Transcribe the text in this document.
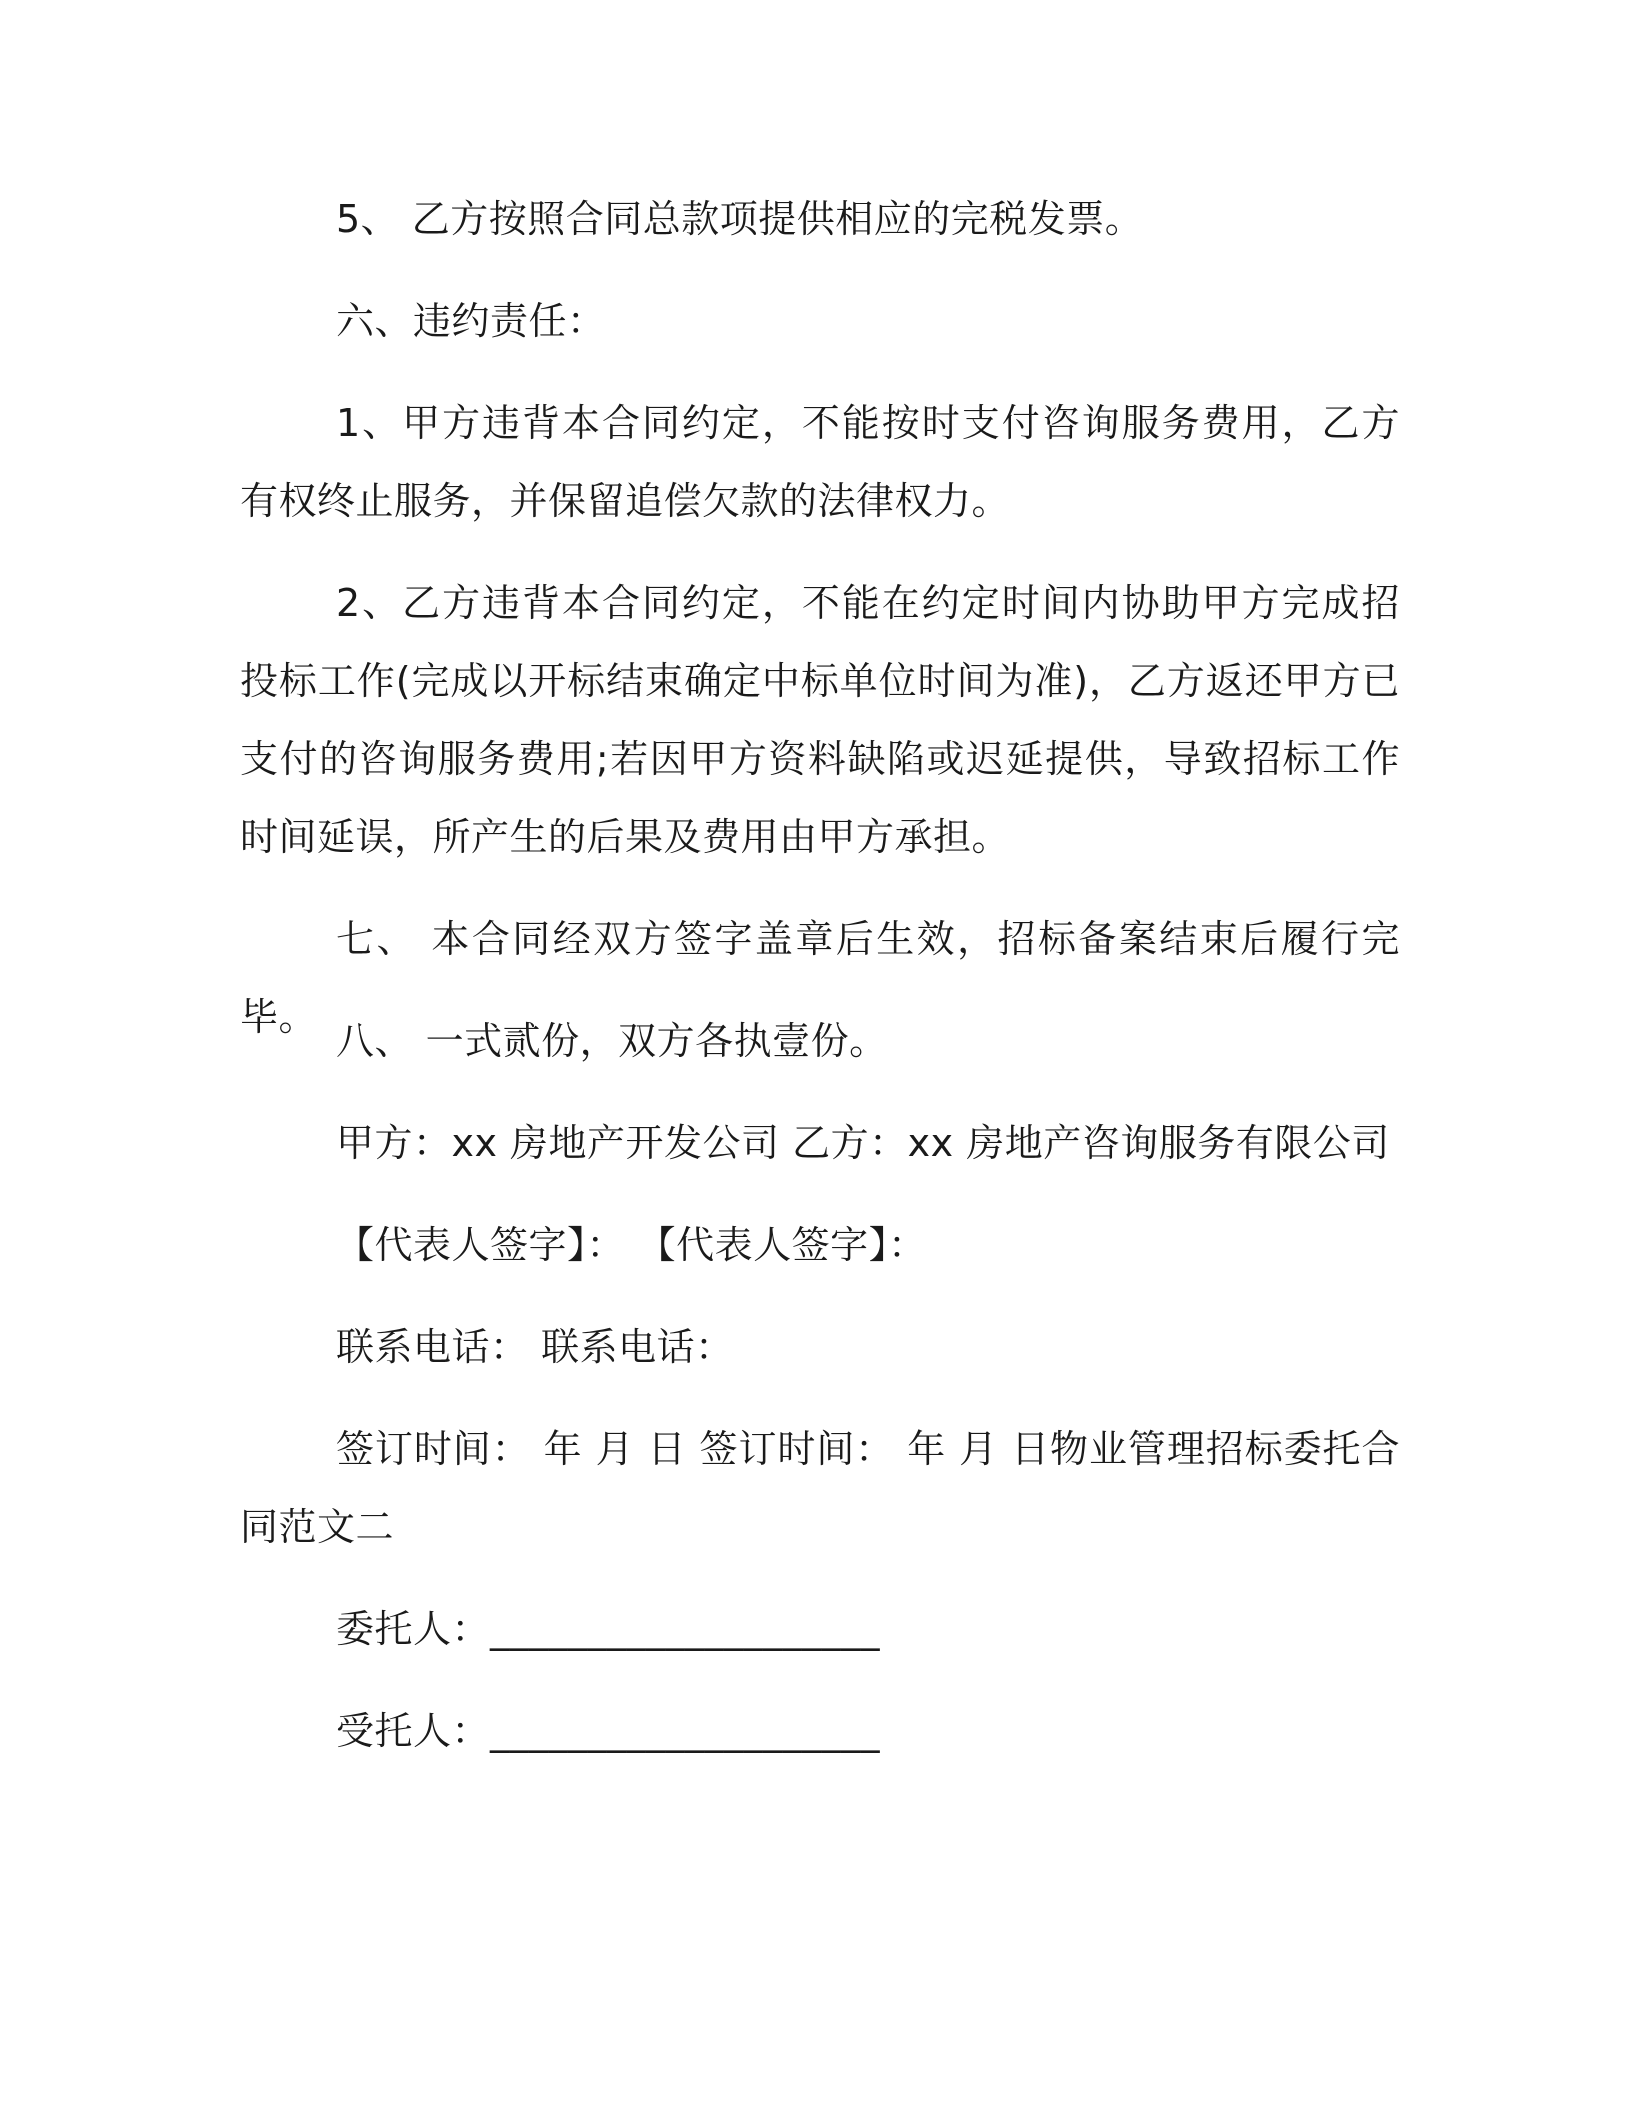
5、 乙方按照合同总款项提供相应的完税发票。

六、违约责任：

1、甲方违背本合同约定，不能按时支付咨询服务费用，乙方有权终止服务，并保留追偿欠款的法律权力。

2、乙方违背本合同约定，不能在约定时间内协助甲方完成招投标工作(完成以开标结束确定中标单位时间为准)，乙方返还甲方已支付的咨询服务费用;若因甲方资料缺陷或迟延提供，导致招标工作时间延误，所产生的后果及费用由甲方承担。

七、 本合同经双方签字盖章后生效，招标备案结束后履行完毕。

八、 一式贰份，双方各执壹份。

甲方：xx 房地产开发公司 乙方：xx 房地产咨询服务有限公司

【代表人签字】： 【代表人签字】：

联系电话： 联系电话：

签订时间： 年 月 日 签订时间： 年 月 日物业管理招标委托合同范文二

委托人：____________________

受托人：____________________
